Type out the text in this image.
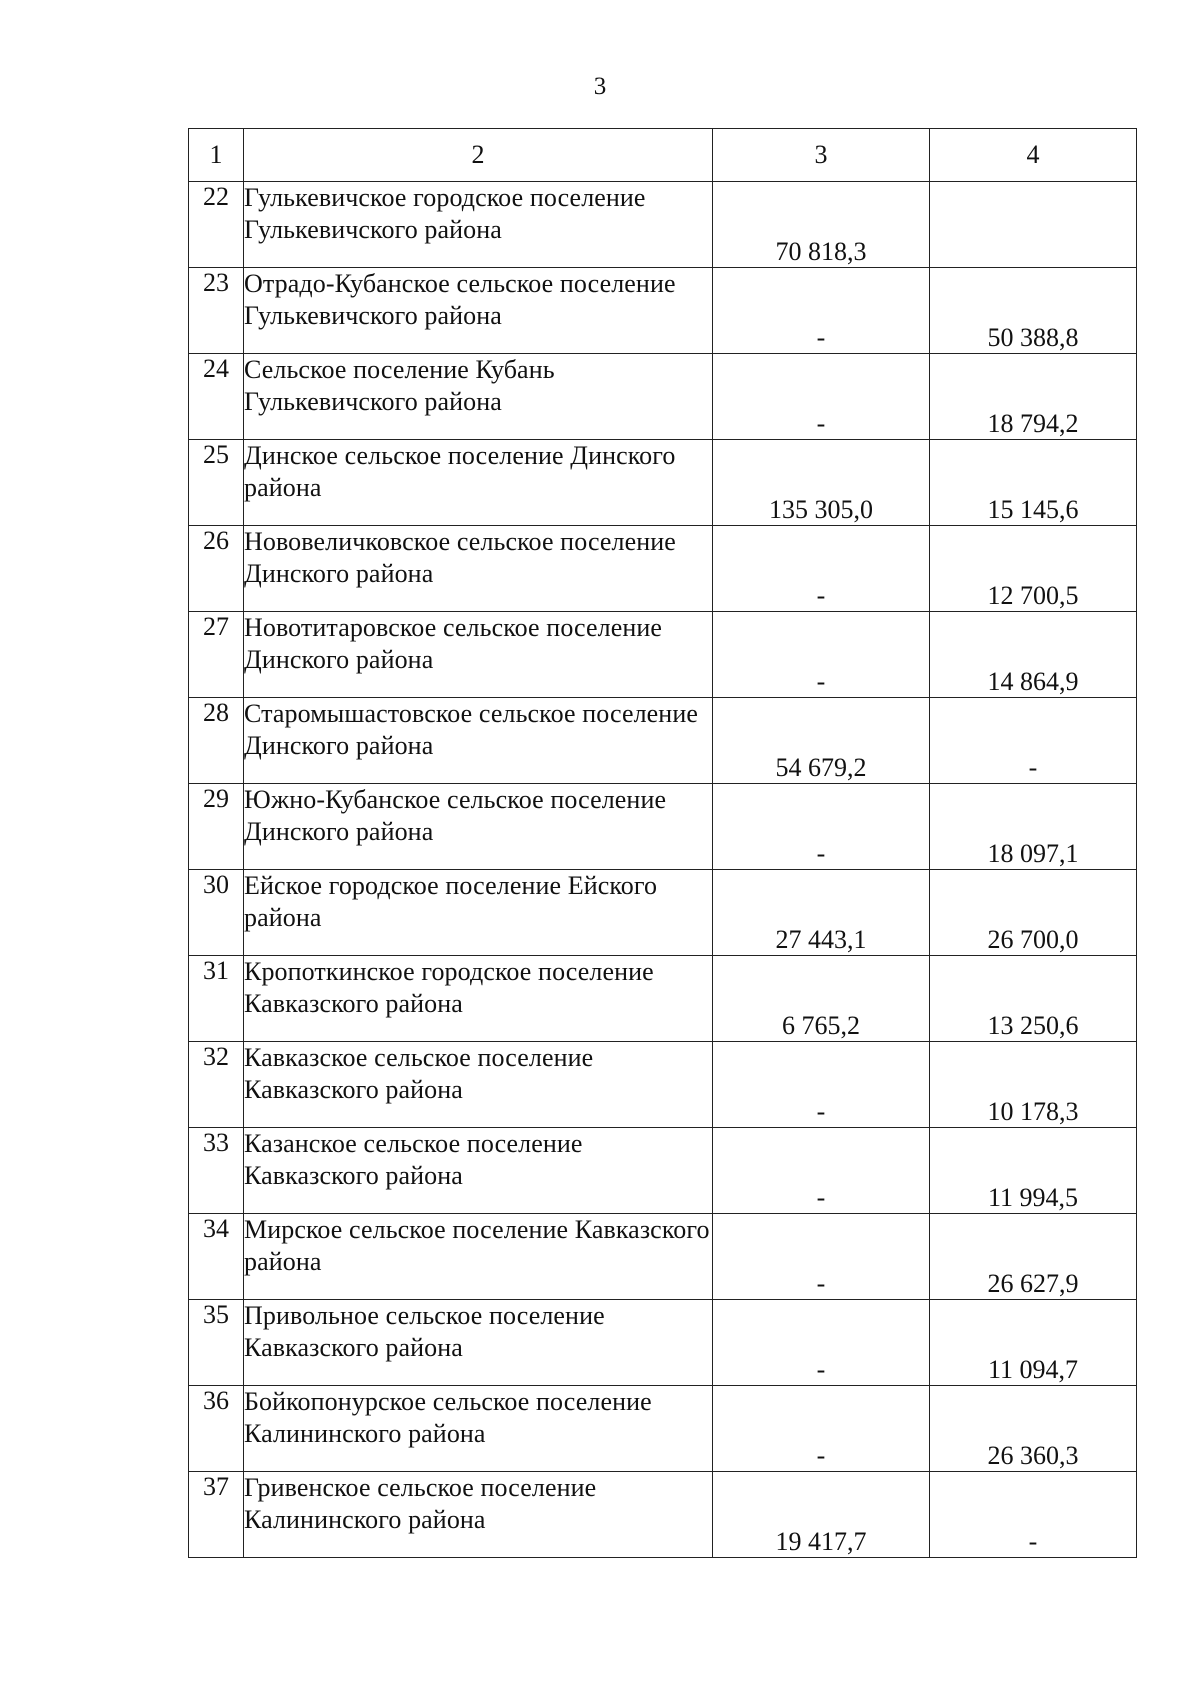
3
1	2	3	4
22	Гулькевичское городское поселение Гулькевичского района	70 818,3	
23	Отрадо-Кубанское сельское поселение Гулькевичского района	-	50 388,8
24	Сельское поселение Кубань Гулькевичского района	-	18 794,2
25	Динское сельское поселение Динского района	135 305,0	15 145,6
26	Нововеличковское сельское поселение Динского района	-	12 700,5
27	Новотитаровское сельское поселение Динского района	-	14 864,9
28	Старомышастовское сельское поселение Динского района	54 679,2	-
29	Южно-Кубанское сельское поселение Динского района	-	18 097,1
30	Ейское городское поселение Ейского района	27 443,1	26 700,0
31	Кропоткинское городское поселение Кавказского района	6 765,2	13 250,6
32	Кавказское сельское поселение Кавказского района	-	10 178,3
33	Казанское сельское поселение Кавказского района	-	11 994,5
34	Мирское сельское поселение Кавказского района	-	26 627,9
35	Привольное сельское поселение Кавказского района	-	11 094,7
36	Бойкопонурское сельское поселение Калининского района	-	26 360,3
37	Гривенское сельское поселение Калининского района	19 417,7	-
